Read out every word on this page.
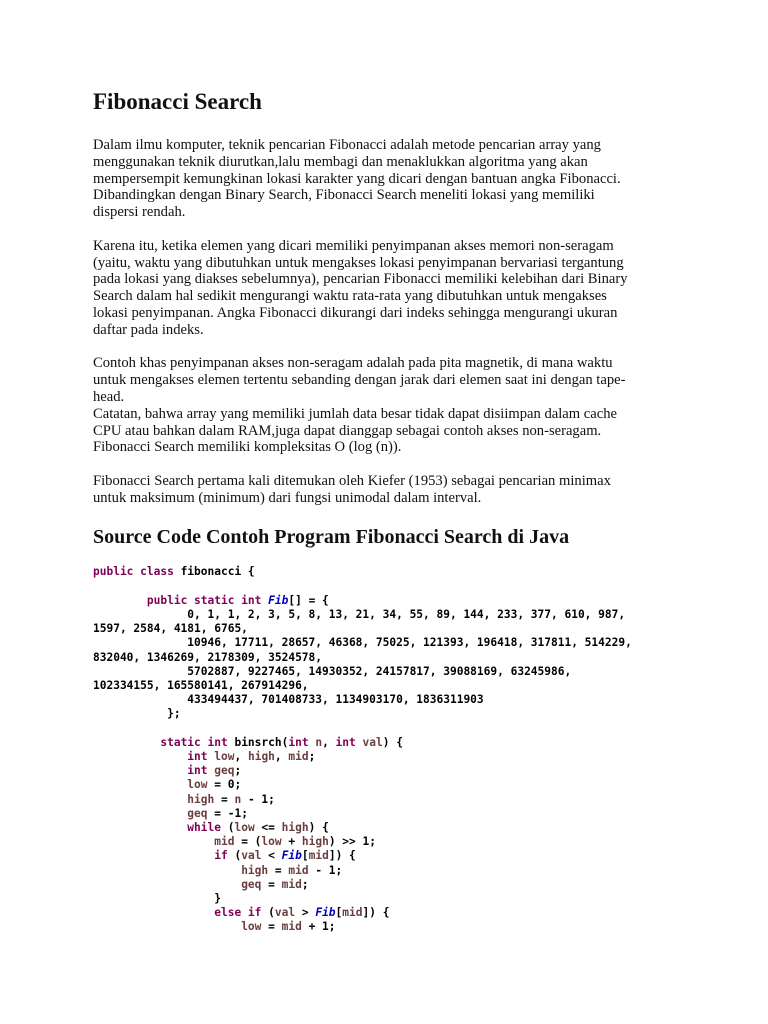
Fibonacci Search
Dalam ilmu komputer, teknik pencarian Fibonacci adalah metode pencarian array yang
menggunakan teknik diurutkan,lalu membagi dan menaklukkan algoritma yang akan
mempersempit kemungkinan lokasi karakter yang dicari dengan bantuan angka Fibonacci.
Dibandingkan dengan Binary Search, Fibonacci Search meneliti lokasi yang memiliki
dispersi rendah.
Karena itu, ketika elemen yang dicari memiliki penyimpanan akses memori non-seragam
(yaitu, waktu yang dibutuhkan untuk mengakses lokasi penyimpanan bervariasi tergantung
pada lokasi yang diakses sebelumnya), pencarian Fibonacci memiliki kelebihan dari Binary
Search dalam hal sedikit mengurangi waktu rata-rata yang dibutuhkan untuk mengakses
lokasi penyimpanan. Angka Fibonacci dikurangi dari indeks sehingga mengurangi ukuran
daftar pada indeks.
Contoh khas penyimpanan akses non-seragam adalah pada pita magnetik, di mana waktu
untuk mengakses elemen tertentu sebanding dengan jarak dari elemen saat ini dengan tape-
head.
Catatan, bahwa array yang memiliki jumlah data besar tidak dapat disiimpan dalam cache
CPU atau bahkan dalam RAM,juga dapat dianggap sebagai contoh akses non-seragam.
Fibonacci Search memiliki kompleksitas O (log (n)).
Fibonacci Search pertama kali ditemukan oleh Kiefer (1953) sebagai pencarian minimax
untuk maksimum (minimum) dari fungsi unimodal dalam interval.
Source Code Contoh Program Fibonacci Search di Java
public class fibonacci {
public static int Fib[] = {
0, 1, 1, 2, 3, 5, 8, 13, 21, 34, 55, 89, 144, 233, 377, 610, 987,
1597, 2584, 4181, 6765,
10946, 17711, 28657, 46368, 75025, 121393, 196418, 317811, 514229,
832040, 1346269, 2178309, 3524578,
5702887, 9227465, 14930352, 24157817, 39088169, 63245986,
102334155, 165580141, 267914296,
433494437, 701408733, 1134903170, 1836311903
};
static int binsrch(int n, int val) {
int low, high, mid;
int geq;
low = 0;
high = n - 1;
geq = -1;
while (low <= high) {
mid = (low + high) >> 1;
if (val < Fib[mid]) {
high = mid - 1;
geq = mid;
}
else if (val > Fib[mid]) {
low = mid + 1;
